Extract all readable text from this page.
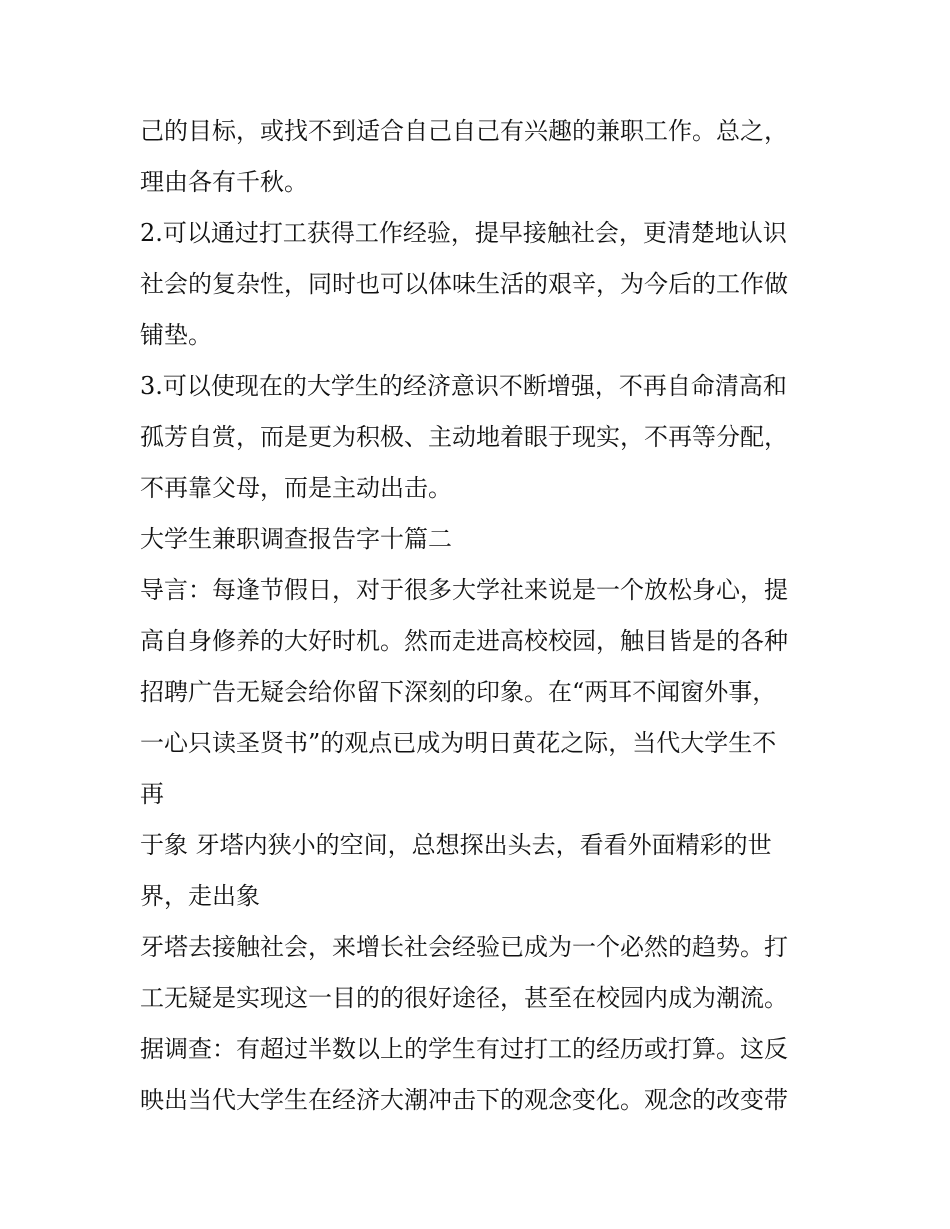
己的目标，或找不到适合自己自己有兴趣的兼职工作。总之，
理由各有千秋。
2.可以通过打工获得工作经验，提早接触社会，更清楚地认识
社会的复杂性，同时也可以体味生活的艰辛，为今后的工作做
铺垫。
3.可以使现在的大学生的经济意识不断增强，不再自命清高和
孤芳自赏，而是更为积极、主动地着眼于现实，不再等分配，
不再靠父母，而是主动出击。
大学生兼职调查报告字十篇二
导言：每逢节假日，对于很多大学社来说是一个放松身心，提
高自身修养的大好时机。然而走进高校校园，触目皆是的各种
招聘广告无疑会给你留下深刻的印象。在“两耳不闻窗外事，
一心只读圣贤书”的观点已成为明日黄花之际，当代大学生不
再
于象 牙塔内狭小的空间，总想探出头去，看看外面精彩的世
界，走出象
牙塔去接触社会，来增长社会经验已成为一个必然的趋势。打
工无疑是实现这一目的的很好途径，甚至在校园内成为潮流。
据调查：有超过半数以上的学生有过打工的经历或打算。这反
映出当代大学生在经济大潮冲击下的观念变化。观念的改变带
